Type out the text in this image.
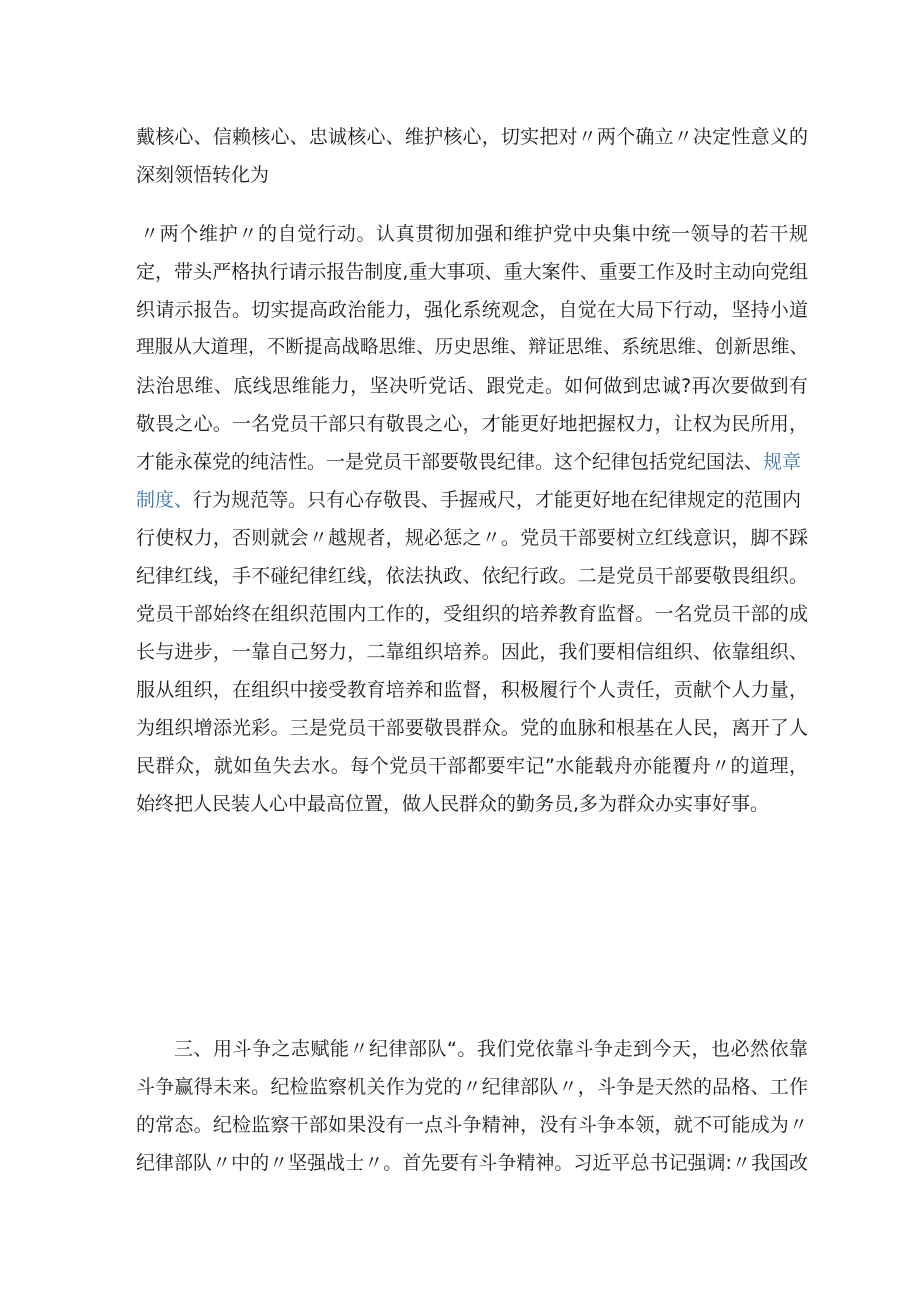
戴核心、信赖核心、忠诚核心、维护核心，切实把对〃两个确立〃决定性意义的
深刻领悟转化为
〃两个维护〃的自觉行动。认真贯彻加强和维护党中央集中统一领导的若干规
定，带头严格执行请示报告制度,重大事项、重大案件、重要工作及时主动向党组
织请示报告。切实提高政治能力，强化系统观念，自觉在大局下行动，坚持小道
理服从大道理，不断提高战略思维、历史思维、辩证思维、系统思维、创新思维、
法治思维、底线思维能力，坚决听党话、跟党走。如何做到忠诚?再次要做到有
敬畏之心。一名党员干部只有敬畏之心，才能更好地把握权力，让权为民所用，
才能永葆党的纯洁性。一是党员干部要敬畏纪律。这个纪律包括党纪国法、规章
制度、行为规范等。只有心存敬畏、手握戒尺，才能更好地在纪律规定的范围内
行使权力，否则就会〃越规者，规必惩之〃。党员干部要树立红线意识，脚不踩
纪律红线，手不碰纪律红线，依法执政、依纪行政。二是党员干部要敬畏组织。
党员干部始终在组织范围内工作的，受组织的培养教育监督。一名党员干部的成
长与进步，一靠自己努力，二靠组织培养。因此，我们要相信组织、依靠组织、
服从组织，在组织中接受教育培养和监督，积极履行个人责任，贡献个人力量，
为组织增添光彩。三是党员干部要敬畏群众。党的血脉和根基在人民，离开了人
民群众，就如鱼失去水。每个党员干部都要牢记”水能载舟亦能覆舟〃的道理，
始终把人民装人心中最高位置，做人民群众的勤务员,多为群众办实事好事。
三、用斗争之志赋能〃纪律部队“。我们党依靠斗争走到今天，也必然依靠
斗争赢得未来。纪检监察机关作为党的〃纪律部队〃，斗争是天然的品格、工作
的常态。纪检监察干部如果没有一点斗争精神，没有斗争本领，就不可能成为〃
纪律部队〃中的〃坚强战士〃。首先要有斗争精神。习近平总书记强调:〃我国改
